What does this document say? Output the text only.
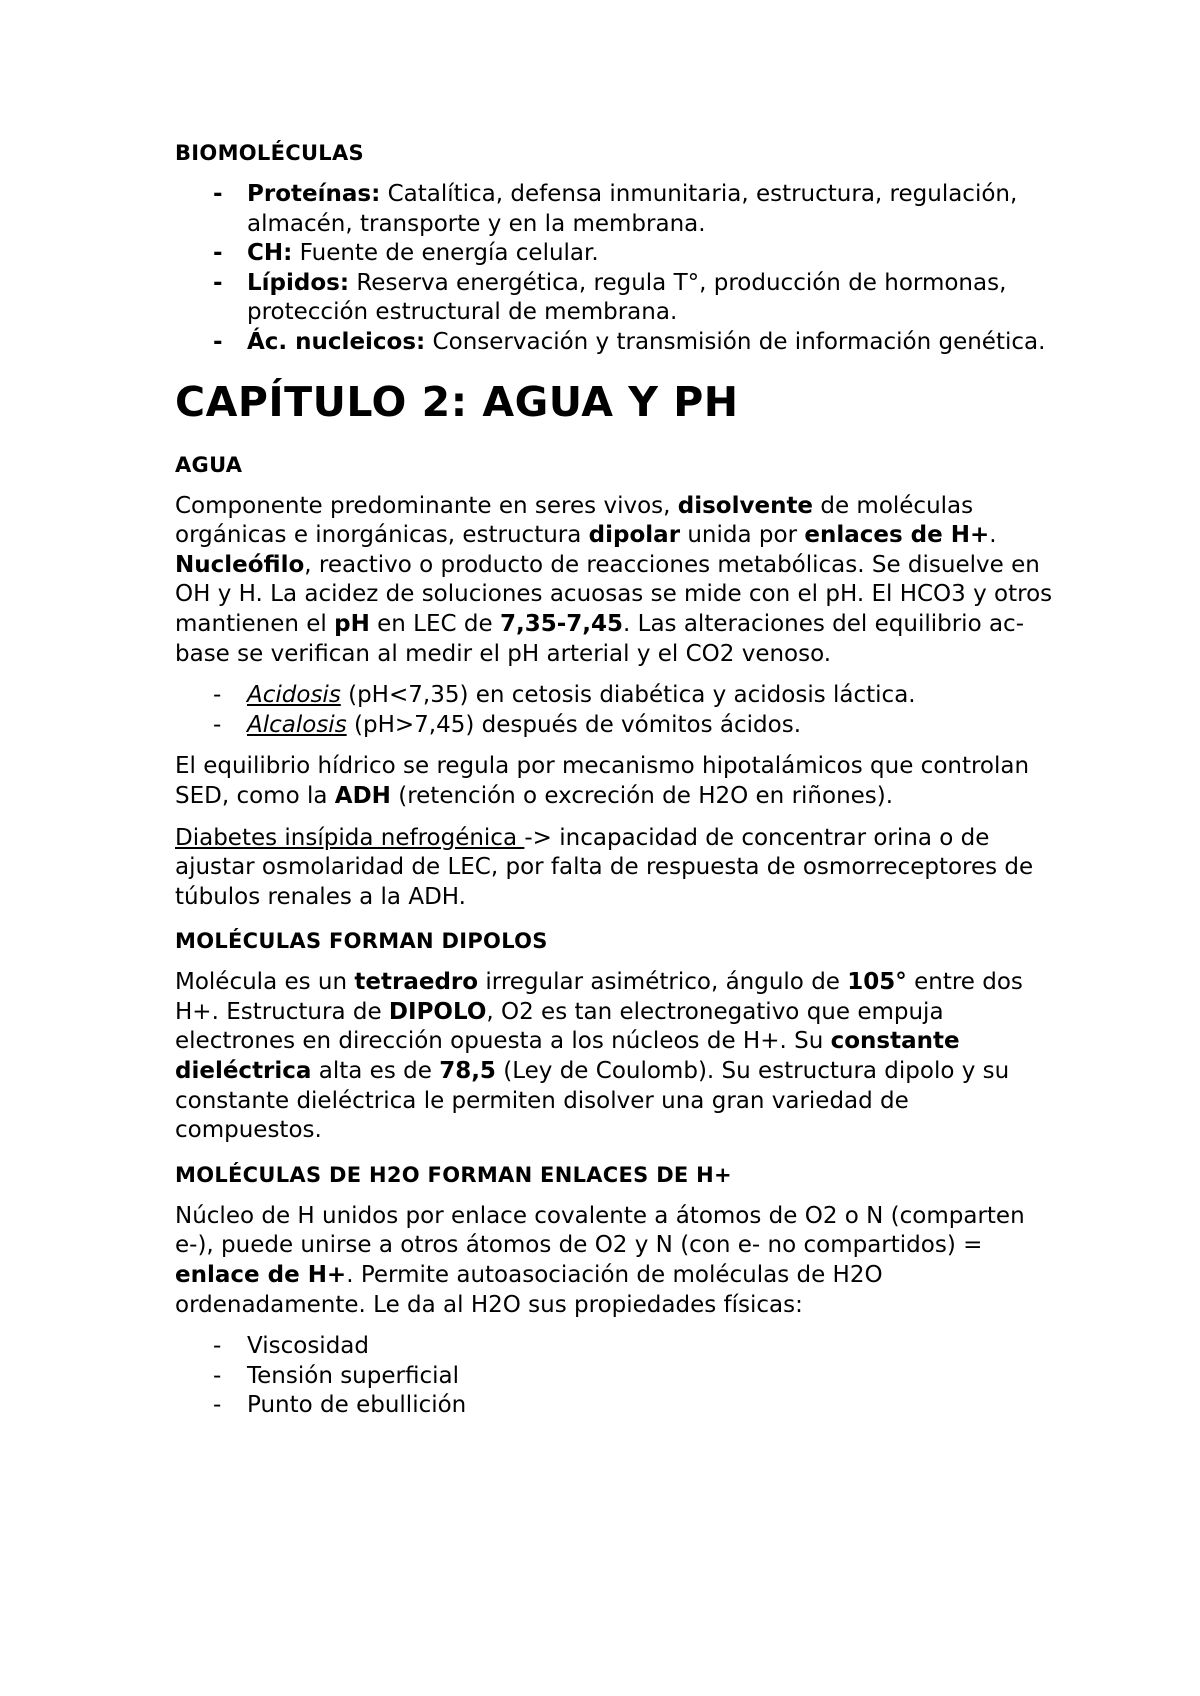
BIOMOLÉCULAS
- Proteínas: Catalítica, defensa inmunitaria, estructura, regulación, almacén, transporte y en la membrana.
- CH: Fuente de energía celular.
- Lípidos: Reserva energética, regula T°, producción de hormonas, protección estructural de membrana.
- Ác. nucleicos: Conservación y transmisión de información genética.
CAPÍTULO 2: AGUA Y PH
AGUA

Componente predominante en seres vivos, disolvente de moléculas orgánicas e inorgánicas, estructura dipolar unida por enlaces de H+. Nucleófilo, reactivo o producto de reacciones metabólicas. Se disuelve en OH y H. La acidez de soluciones acuosas se mide con el pH. El HCO3 y otros mantienen el pH en LEC de 7,35-7,45. Las alteraciones del equilibrio ac-base se verifican al medir el pH arterial y el CO2 venoso.

- Acidosis (pH<7,35) en cetosis diabética y acidosis láctica.
- Alcalosis (pH>7,45) después de vómitos ácidos.

El equilibrio hídrico se regula por mecanismo hipotalámicos que controlan SED, como la ADH (retención o excreción de H2O en riñones).

Diabetes insípida nefrogénica -> incapacidad de concentrar orina o de ajustar osmolaridad de LEC, por falta de respuesta de osmorreceptores de túbulos renales a la ADH.

MOLÉCULAS FORMAN DIPOLOS

Molécula es un tetraedro irregular asimétrico, ángulo de 105° entre dos H+. Estructura de DIPOLO, O2 es tan electronegativo que empuja electrones en dirección opuesta a los núcleos de H+. Su constante dieléctrica alta es de 78,5 (Ley de Coulomb). Su estructura dipolo y su constante dieléctrica le permiten disolver una gran variedad de compuestos.

MOLÉCULAS DE H2O FORMAN ENLACES DE H+

Núcleo de H unidos por enlace covalente a átomos de O2 o N (comparten e-), puede unirse a otros átomos de O2 y N (con e- no compartidos) = enlace de H+. Permite autoasociación de moléculas de H2O ordenadamente. Le da al H2O sus propiedades físicas:

- Viscosidad
- Tensión superficial
- Punto de ebullición
